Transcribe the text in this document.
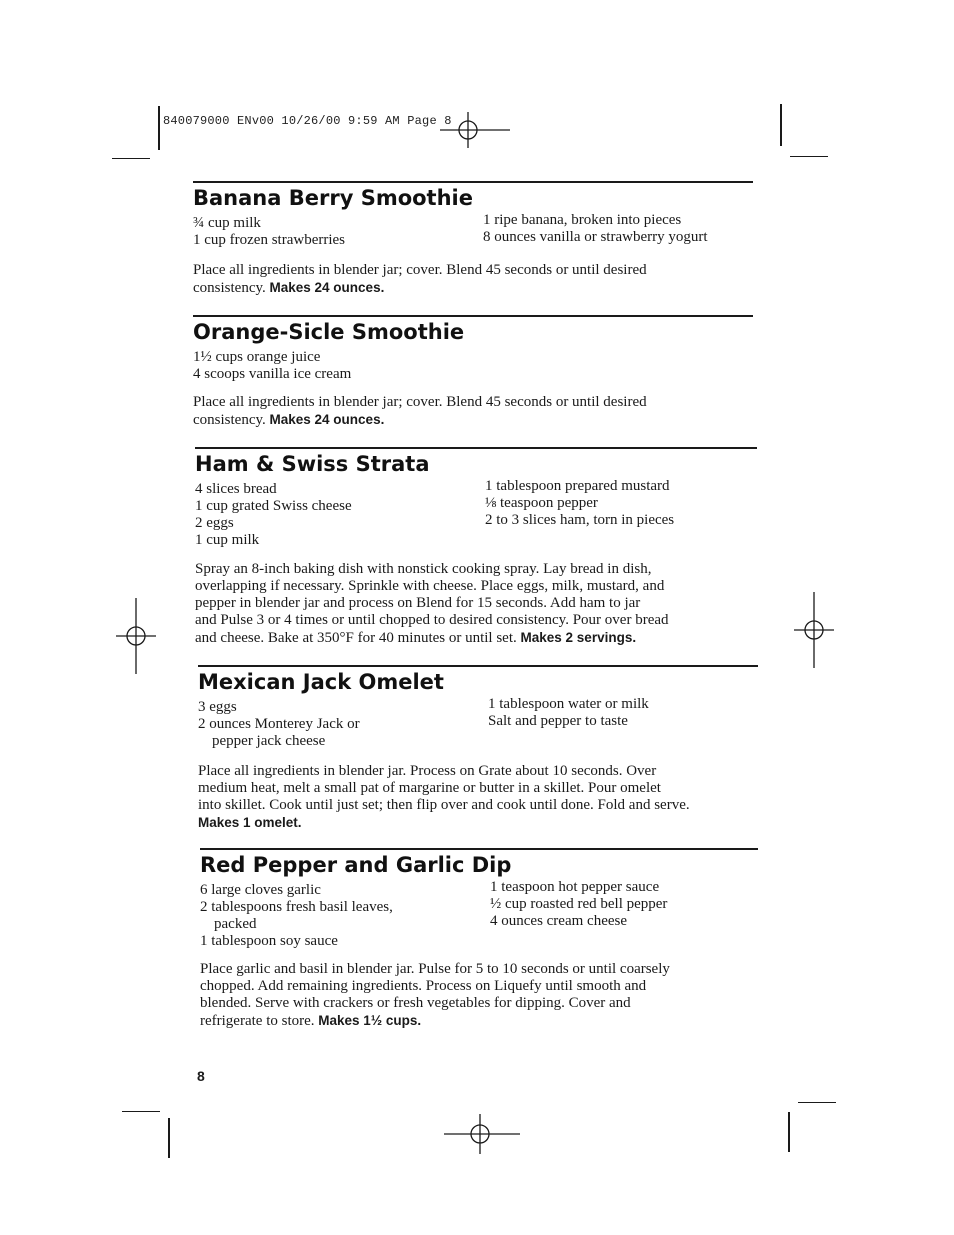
840079000 ENv00 10/26/00 9:59 AM Page 8
Banana Berry Smoothie
¾ cup milk
1 cup frozen strawberries
1 ripe banana, broken into pieces
8 ounces vanilla or strawberry yogurt
Place all ingredients in blender jar; cover. Blend 45 seconds or until desired
consistency. Makes 24 ounces.
Orange-Sicle Smoothie
1½ cups orange juice
4 scoops vanilla ice cream
Place all ingredients in blender jar; cover. Blend 45 seconds or until desired
consistency. Makes 24 ounces.
Ham & Swiss Strata
4 slices bread
1 cup grated Swiss cheese
2 eggs
1 cup milk
1 tablespoon prepared mustard
⅛ teaspoon pepper
2 to 3 slices ham, torn in pieces
Spray an 8-inch baking dish with nonstick cooking spray. Lay bread in dish,
overlapping if necessary. Sprinkle with cheese. Place eggs, milk, mustard, and
pepper in blender jar and process on Blend for 15 seconds. Add ham to jar
and Pulse 3 or 4 times or until chopped to desired consistency. Pour over bread
and cheese. Bake at 350°F for 40 minutes or until set. Makes 2 servings.
Mexican Jack Omelet
3 eggs
2 ounces Monterey Jack or
pepper jack cheese
1 tablespoon water or milk
Salt and pepper to taste
Place all ingredients in blender jar. Process on Grate about 10 seconds. Over
medium heat, melt a small pat of margarine or butter in a skillet. Pour omelet
into skillet. Cook until just set; then flip over and cook until done. Fold and serve.
Makes 1 omelet.
Red Pepper and Garlic Dip
6 large cloves garlic
2 tablespoons fresh basil leaves,
packed
1 tablespoon soy sauce
1 teaspoon hot pepper sauce
½ cup roasted red bell pepper
4 ounces cream cheese
Place garlic and basil in blender jar. Pulse for 5 to 10 seconds or until coarsely
chopped. Add remaining ingredients. Process on Liquefy until smooth and
blended. Serve with crackers or fresh vegetables for dipping. Cover and
refrigerate to store. Makes 1½ cups.
8
